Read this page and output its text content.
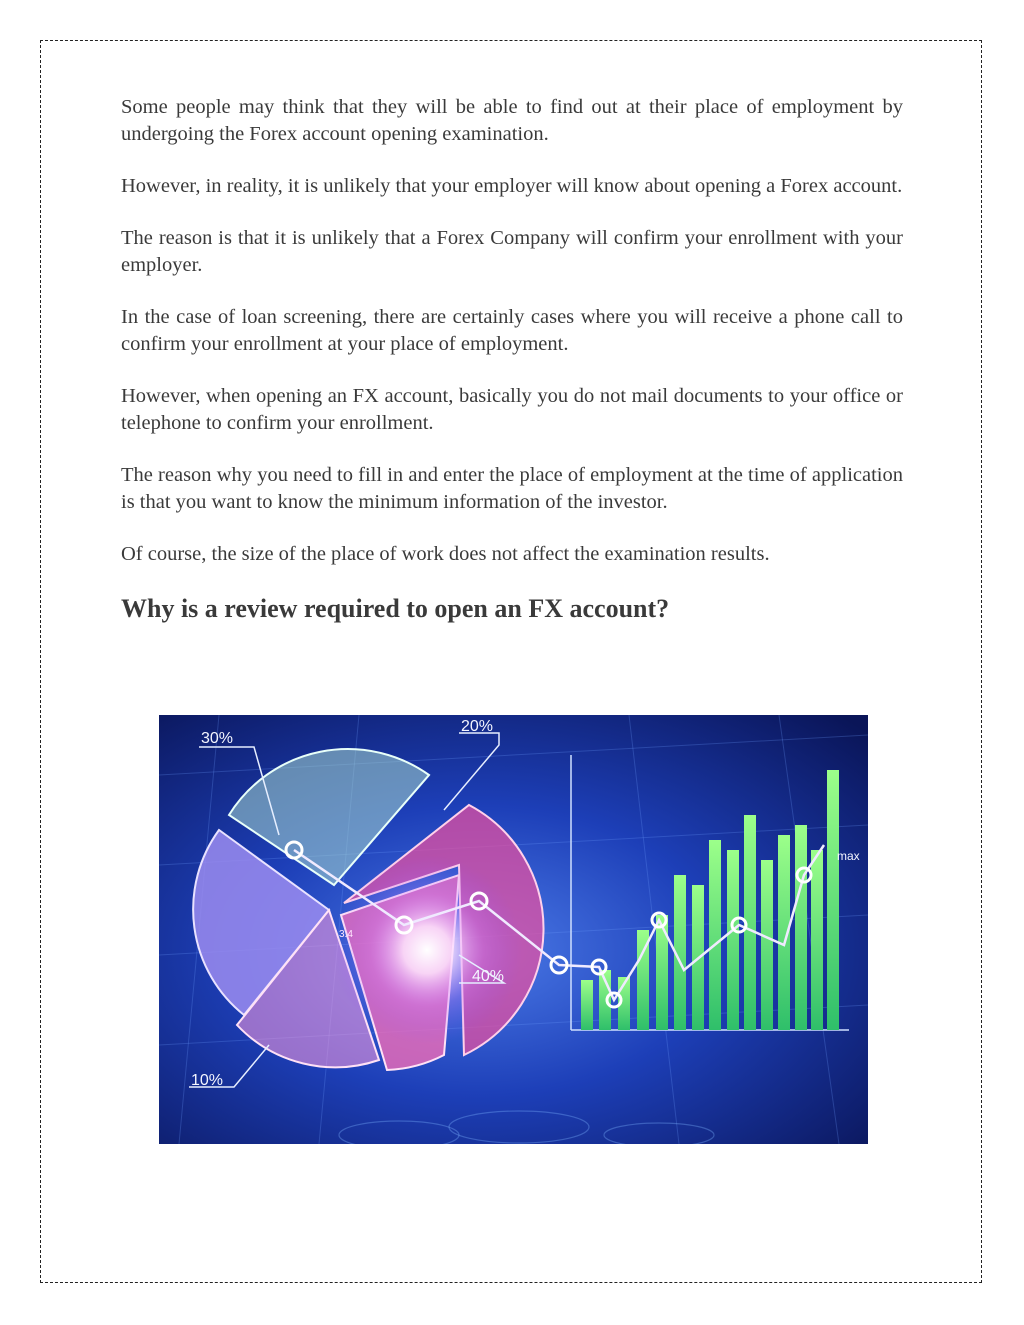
Some people may think that they will be able to find out at their place of employment by undergoing the Forex account opening examination.

However, in reality, it is unlikely that your employer will know about opening a Forex account.

The reason is that it is unlikely that a Forex Company will confirm your enrollment with your employer.

In the case of loan screening, there are certainly cases where you will receive a phone call to confirm your enrollment at your place of employment.

However, when opening an FX account, basically you do not mail documents to your office or telephone to confirm your enrollment.

The reason why you need to fill in and enter the place of employment at the time of application is that you want to know the minimum information of the investor.

Of course, the size of the place of work does not affect the examination results.

Why is a review required to open an FX account?
30%
20%
40%
10%
max
3.4
